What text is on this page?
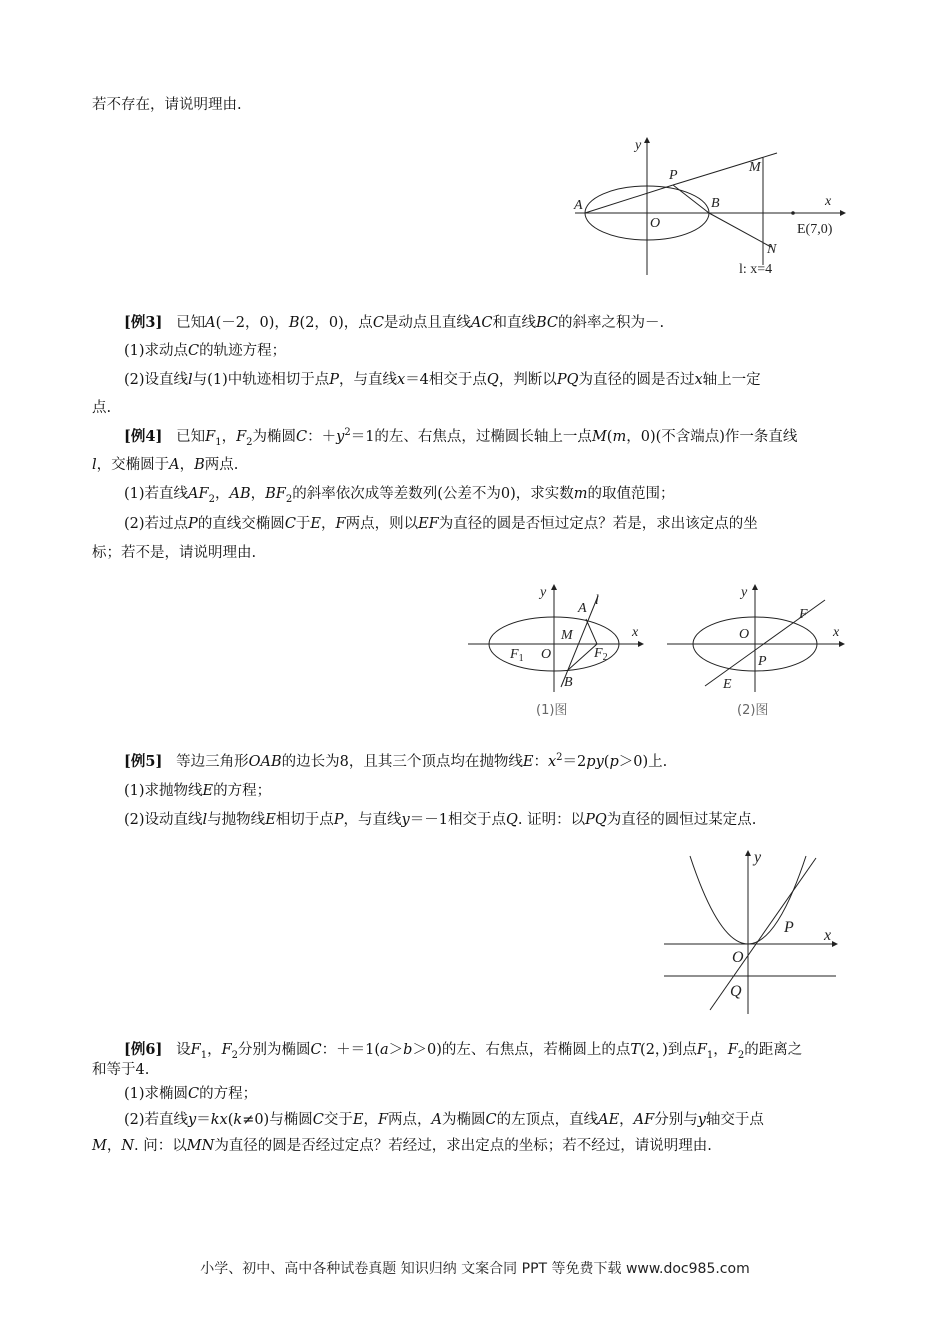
若不存在，请说明理由.
y
x
A	B
O
P
M
N
E(7,0)
l: x=4
[例3] 已知A(－2，0)，B(2，0)，点C是动点且直线AC和直线BC的斜率之积为－.
(1)求动点C的轨迹方程；
(2)设直线l与(1)中轨迹相切于点P，与直线x＝4相交于点Q，判断以PQ为直径的圆是否过x轴上一定
点.
[例4] 已知$F_1$，$F_2$为椭圆C：$+y^2=1$的左、右焦点，过椭圆长轴上一点M(m，0)(不含端点)作一条直线
l，交椭圆于A，B两点.
(1)若直线$AF_2$，AB，$BF_2$的斜率依次成等差数列(公差不为0)，求实数m的取值范围；
(2)若过点P的直线交椭圆C于E，F两点，则以EF为直径的圆是否恒过定点？若是，求出该定点的坐
标；若不是，请说明理由.
y
x
A
l
M
$F_1$	$F_2$
O
B
(1)图
y
x
F
O
P
E
(2)图
[例5] 等边三角形OAB的边长为8，且其三个顶点均在抛物线E：$x^2=2py(p>0)$上.
(1)求抛物线E的方程；
(2)设动直线l与抛物线E相切于点P，与直线y＝－1相交于点Q. 证明：以PQ为直径的圆恒过某定点.
y
x
P
O
Q
[例6] 设$F_1$，$F_2$分别为椭圆C：＋＝1(a＞b＞0)的左、右焦点，若椭圆上的点T(2，)到点$F_1$，$F_2$的距离之
和等于4.
(1)求椭圆C的方程；
(2)若直线y＝kx(k≠0)与椭圆C交于E，F两点，A为椭圆C的左顶点，直线AE，AF分别与y轴交于点
M，N. 问：以MN为直径的圆是否经过定点？若经过，求出定点的坐标；若不经过，请说明理由.
小学、初中、高中各种试卷真题 知识归纳 文案合同 PPT 等免费下载 www.doc985.com
